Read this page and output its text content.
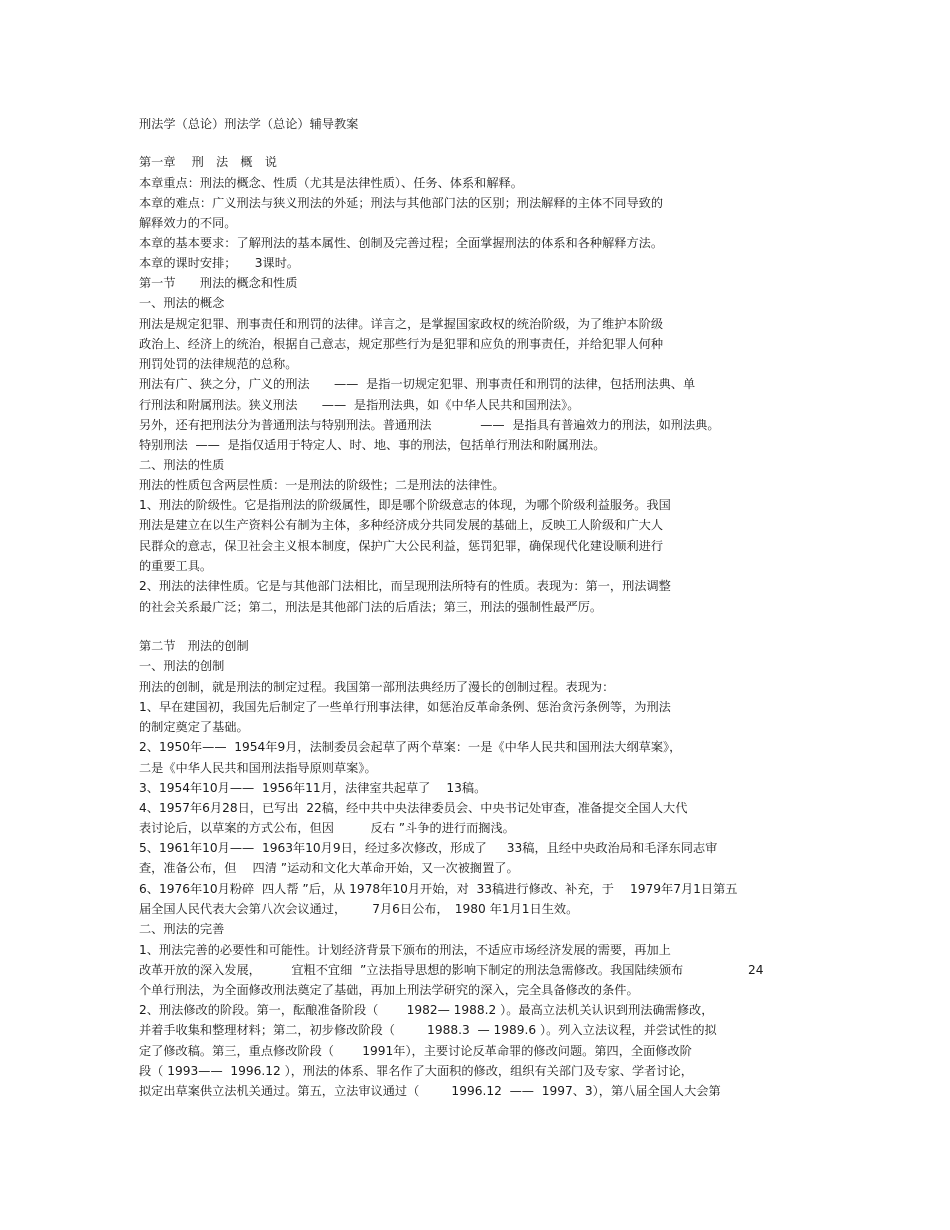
刑法学（总论）刑法学（总论）辅导教案
第一章 　刑　法　概　说
本章重点：刑法的概念、性质（尤其是法律性质）、任务、体系和解释。
本章的难点：广义刑法与狭义刑法的外延；刑法与其他部门法的区别；刑法解释的主体不同导致的
解释效力的不同。
本章的基本要求：了解刑法的基本属性、创制及完善过程；全面掌握刑法的体系和各种解释方法。
本章的课时安排；　　3课时。
第一节　　刑法的概念和性质
一、刑法的概念
刑法是规定犯罪、刑事责任和刑罚的法律。详言之，是掌握国家政权的统治阶级，为了维护本阶级
政治上、经济上的统治，根据自己意志，规定那些行为是犯罪和应负的刑事责任，并给犯罪人何种
刑罚处罚的法律规范的总称。
刑法有广、狭之分，广义的刑法　　——  是指一切规定犯罪、刑事责任和刑罚的法律，包括刑法典、单
行刑法和附属刑法。狭义刑法　　——  是指刑法典，如《中华人民共和国刑法》。
另外，还有把刑法分为普通刑法与特别刑法。普通刑法　　　　——  是指具有普遍效力的刑法，如刑法典。
特别刑法  ——  是指仅适用于特定人、时、地、事的刑法，包括单行刑法和附属刑法。
二、刑法的性质
刑法的性质包含两层性质：一是刑法的阶级性；二是刑法的法律性。
1、刑法的阶级性。它是指刑法的阶级属性，即是哪个阶级意志的体现，为哪个阶级利益服务。我国
刑法是建立在以生产资料公有制为主体，多种经济成分共同发展的基础上，反映工人阶级和广大人
民群众的意志，保卫社会主义根本制度，保护广大公民利益，惩罚犯罪，确保现代化建设顺利进行
的重要工具。
2、刑法的法律性质。它是与其他部门法相比，而呈现刑法所特有的性质。表现为：第一，刑法调整
的社会关系最广泛；第二，刑法是其他部门法的后盾法；第三，刑法的强制性最严厉。
第二节　刑法的创制
一、刑法的创制
刑法的创制，就是刑法的制定过程。我国第一部刑法典经历了漫长的创制过程。表现为：
1、早在建国初，我国先后制定了一些单行刑事法律，如惩治反革命条例、惩治贪污条例等，为刑法
的制定奠定了基础。
2、1950年——  1954年9月，法制委员会起草了两个草案：一是《中华人民共和国刑法大纲草案》，
二是《中华人民共和国刑法指导原则草案》。
3、1954年10月——  1956年11月，法律室共起草了　 13稿。
4、1957年6月28日，已写出  22稿，经中共中央法律委员会、中央书记处审查，准备提交全国人大代
表讨论后，以草案的方式公布，但因　　　反右 ”斗争的进行而搁浅。
5、1961年10月——  1963年10月9日，经过多次修改，形成了　  33稿，且经中央政治局和毛泽东同志审
查，准备公布，但　 四清 ”运动和文化大革命开始，又一次被搁置了。
6、1976年10月粉碎  四人帮 ”后，从 1978年10月开始，对  33稿进行修改、补充，于　 1979年7月1日第五
届全国人民代表大会第八次会议通过，　　  7月6日公布，　1980 年1月1日生效。
二、刑法的完善
1、刑法完善的必要性和可能性。计划经济背景下颁布的刑法，不适应市场经济发展的需要，再加上
改革开放的深入发展，　　　宜粗不宜细  ”立法指导思想的影响下制定的刑法急需修改。我国陆续颁布　　　　　 24
个单行刑法，为全面修改刑法奠定了基础，再加上刑法学研究的深入，完全具备修改的条件。
2、刑法修改的阶段。第一，酝酿准备阶段（　　 1982— 1988.2 ）。最高立法机关认识到刑法确需修改，
并着手收集和整理材料；第二，初步修改阶段（　　  1988.3  — 1989.6 ）。列入立法议程，并尝试性的拟
定了修改稿。第三，重点修改阶段（　　 1991年），主要讨论反革命罪的修改问题。第四，全面修改阶
段（ 1993——  1996.12 ），刑法的体系、罪名作了大面积的修改，组织有关部门及专家、学者讨论，
拟定出草案供立法机关通过。第五，立法审议通过（　　  1996.12  ——  1997、3），第八届全国人大会第
